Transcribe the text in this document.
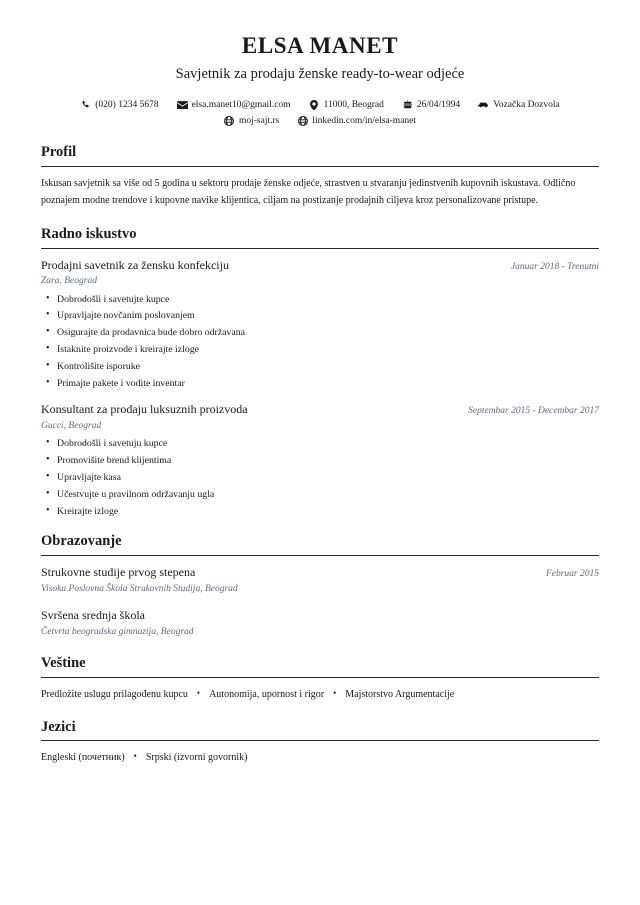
ELSA MANET
Savjetnik za prodaju ženske ready-to-wear odjeće
(020) 1234 5678	elsa.manet10@gmail.com	11000, Beograd	26/04/1994	Vozačka Dozvola
moj-sajt.rs	linkedin.com/in/elsa-manet
Profil

Iskusan savjetnik sa više od 5 godina u sektoru prodaje ženske odjeće, strastven u stvaranju jedinstvenih kupovnih iskustava. Odlično poznajem modne trendove i kupovne navike klijentica, ciljam na postizanje prodajnih ciljeva kroz personalizovane pristupe.

Radno iskustvo
Prodajni savetnik za žensku konfekciju	Januar 2018 - Trenutni
Zara, Beograd
• Dobrodošli i savetujte kupce
• Upravljajte novčanim poslovanjem
• Osigurajte da prodavnica bude dobro održavana
• Istaknite proizvode i kreirajte izloge
• Kontrolišite isporuke
• Primajte pakete i vodite inventar
Konsultant za prodaju luksuznih proizvoda	Septembar 2015 - Decembar 2017
Gucci, Beograd
• Dobrodošli i savetuju kupce
• Promovišite brend klijentima
• Upravljajte kasa
• Učestvujte u pravilnom održavanju ugla
• Kreirajte izloge
Obrazovanje
Strukovne studije prvog stepena	Februar 2015
Visoka Poslovna Škola Strukovnih Studija, Beograd
Svršena srednja škola
Četvrta beogradska gimnazija, Beograd
Veštine
Predložite uslugu prilagođenu kupcu • Autonomija, upornost i rigor • Majstorstvo Argumentacije
Jezici
Engleski (почетник) • Srpski (izvorni govornik)
